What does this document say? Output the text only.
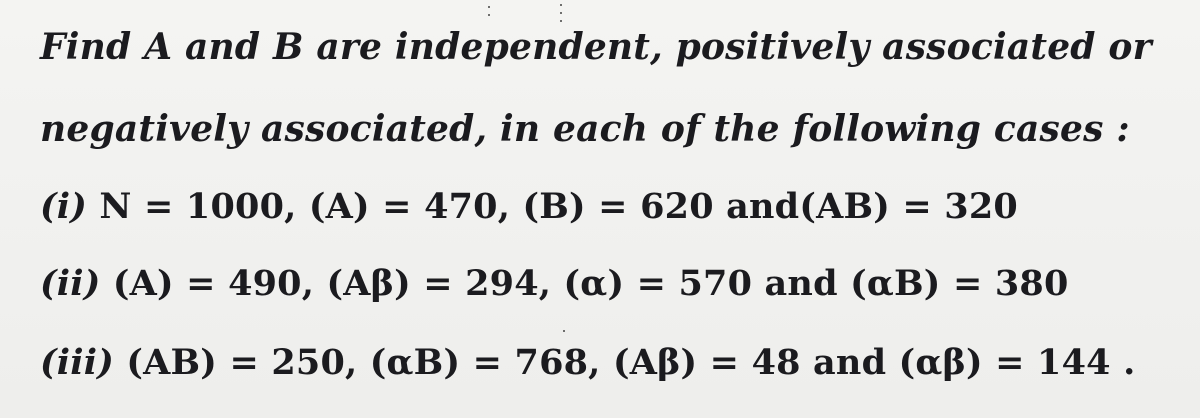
Find A and B are independent, positively associated or
negatively associated, in each of the following cases :
(i) N = 1000, (A) = 470, (B) = 620 and(AB) = 320
(ii) (A) = 490, (Aβ) = 294, (α) = 570 and (αB) = 380
(iii) (AB) = 250, (αB) = 768, (Aβ) = 48 and (αβ) = 144 .
